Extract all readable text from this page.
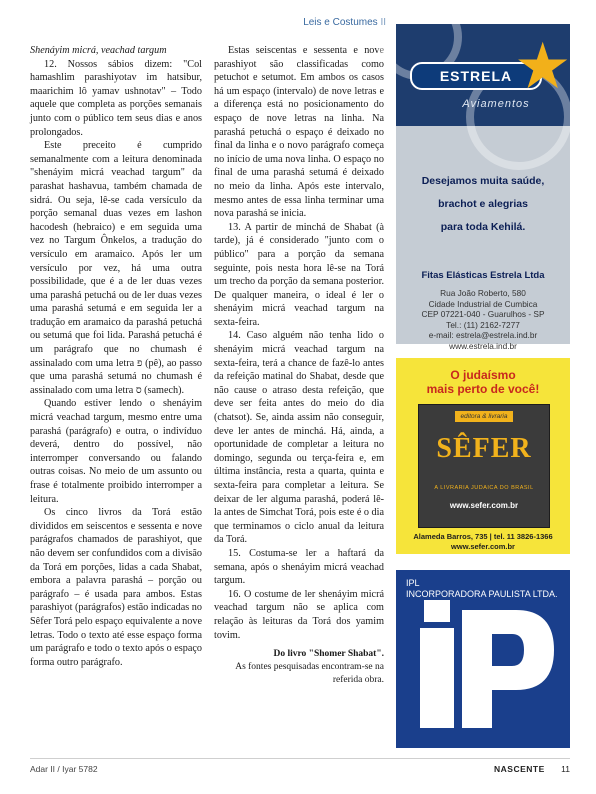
Leis e Costumes II

Shenáyim micrá, veachad targum

12. Nossos sábios dizem: "Col hamashlim parashiyotav im hatsibur, maarichim lô yamav ushnotav" – Todo aquele que completa as porções semanais junto com o público tem seus dias e anos prolongados.

Este preceito é cumprido semanalmente com a leitura denominada "shenáyim micrá veachad targum" da parashat hashavua, também chamada de sidrá. Ou seja, lê-se cada versículo da porção semanal duas vezes em lashon hacodesh (hebraico) e em seguida uma vez no Targum Ônkelos, a tradução do versículo em aramaico. Após ler um versículo por vez, há uma outra possibilidade, que é a de ler duas vezes uma parashá petuchá ou de ler duas vezes uma parashá setumá e em seguida ler a tradução em aramaico da parashá petuchá ou setumá que foi lida. Parashá petuchá é um parágrafo que no chumash é assinalado com uma letra פ (pê), ao passo que uma parashá setumá no chumash é assinalado com uma letra ס (samech).

Quando estiver lendo o shenáyim micrá veachad targum, mesmo entre uma parashá (parágrafo) e outra, o indivíduo deverá, dentro do possível, não interromper conversando ou falando outras coisas. No meio de um assunto ou frase é totalmente proibido interromper a leitura.

Os cinco livros da Torá estão divididos em seiscentos e sessenta e nove parágrafos chamados de parashiyot, que não devem ser confundidos com a divisão da Torá em porções, lidas a cada Shabat, embora a palavra parashá – porção ou parágrafo – é usada para ambos. Estas parashiyot (parágrafos) estão indicadas no Sêfer Torá pelo espaço equivalente a nove letras. Todo o texto até esse espaço forma um parágrafo e todo o texto após o espaço forma outro parágrafo.

Estas seiscentas e sessenta e nove parashiyot são classificadas como petuchot e setumot. Em ambos os casos há um espaço (intervalo) de nove letras e a diferença está no posicionamento do espaço de nove letras na linha. Na parashá petuchá o espaço é deixado no final da linha e o novo parágrafo começa no início de uma nova linha. O espaço no final de uma parashá setumá é deixado no meio da linha. Após este intervalo, mesmo antes de essa linha terminar uma nova parashá se inicia.

13. A partir de minchá de Shabat (à tarde), já é considerado "junto com o público" para a porção da semana seguinte, pois nesta hora lê-se na Torá um trecho da porção da semana posterior. De qualquer maneira, o ideal é ler o shenáyim micrá veachad targum na sexta-feira.

14. Caso alguém não tenha lido o shenáyim micrá veachad targum na sexta-feira, terá a chance de fazê-lo antes da refeição matinal do Shabat, desde que não cause o atraso desta refeição, que deve ser feita antes do meio do dia (chatsot). Se, ainda assim não conseguir, deve ler antes de minchá. Há, ainda, a oportunidade de completar a leitura no domingo, segunda ou terça-feira e, em última instância, resta a quarta, quinta e sexta-feira para completar a leitura. Se deixar de ler alguma parashá, poderá lê-la antes de Simchat Torá, pois este é o dia que terminamos o ciclo anual da leitura da Torá.

15. Costuma-se ler a haftará da semana, após o shenáyim micrá veachad targum.

16. O costume de ler shenáyim micrá veachad targum não se aplica com relação às leituras da Torá dos yamim tovim.

Do livro "Shomer Shabat".
As fontes pesquisadas encontram-se na referida obra.
ESTRELA ★
Aviamentos
Desejamos muita saúde,
brachot e alegrias
para toda Kehilá.
Fitas Elásticas Estrela Ltda
Rua João Roberto, 580
Cidade Industrial de Cumbica
CEP 07221-040 - Guarulhos - SP
Tel.: (11) 2162-7277
e-mail: estrela@estrela.ind.br
www.estrela.ind.br
O judaísmo
mais perto de você!
editora & livraria
SÊFER
A LIVRARIA JUDAICA DO BRASIL
www.sefer.com.br
Alameda Barros, 735 | tel. 11 3826-1366
www.sefer.com.br
IPL
INCORPORADORA PAULISTA LTDA.
Adar II / Iyar 5782	NASCENTE 11
